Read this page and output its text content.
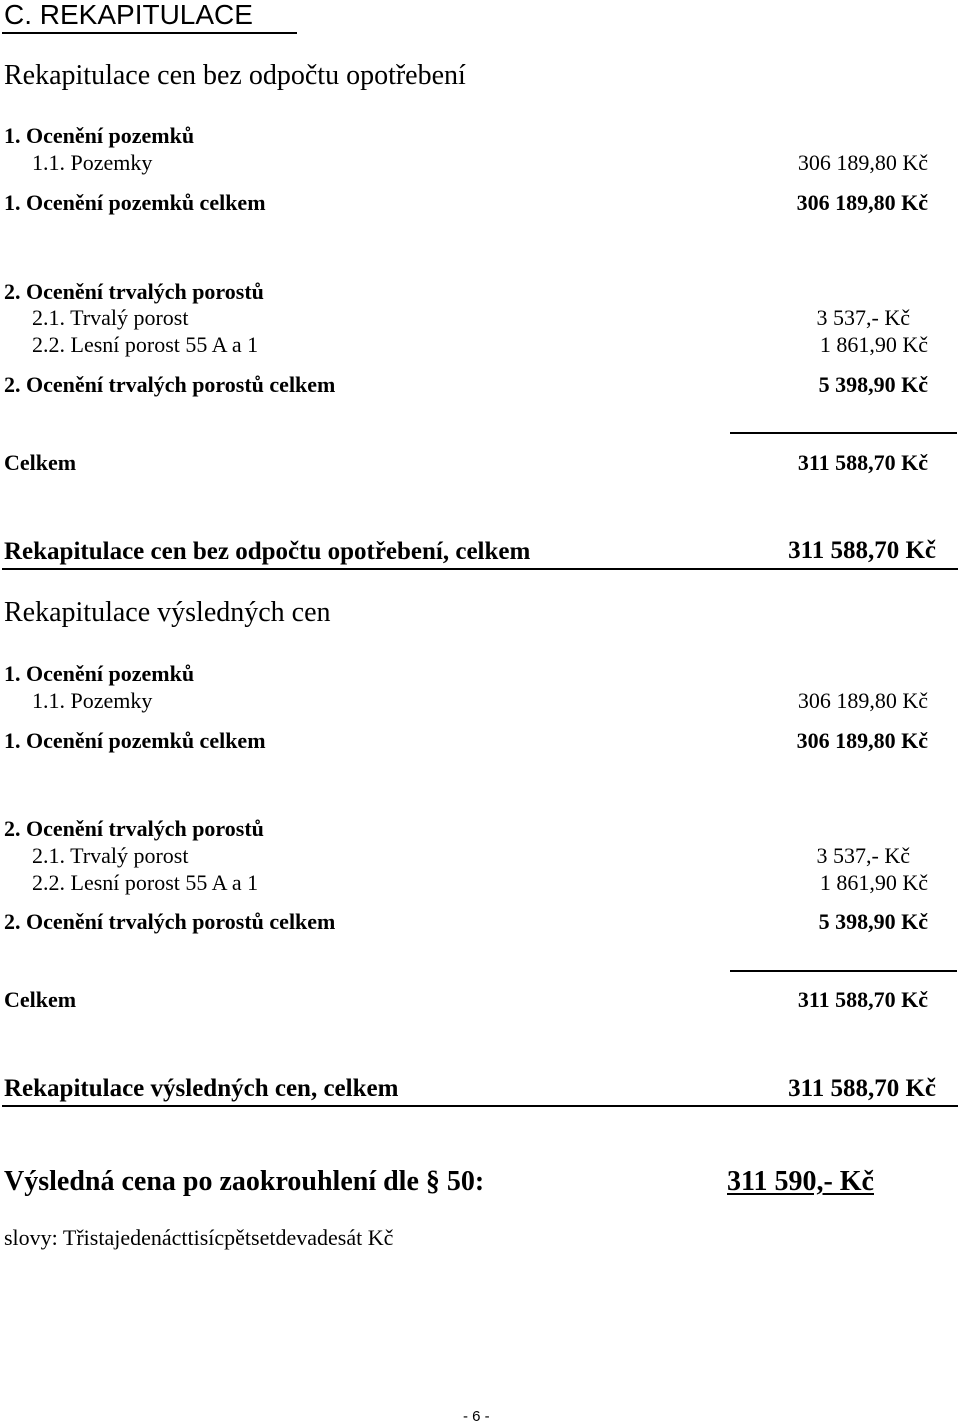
C. REKAPITULACE
Rekapitulace cen bez odpočtu opotřebení
1. Ocenění pozemků
1.1. Pozemky	306 189,80 Kč
1. Ocenění pozemků celkem	306 189,80 Kč
2. Ocenění trvalých porostů
2.1. Trvalý porost	3 537,- Kč
2.2. Lesní porost 55 A a 1	1 861,90 Kč
2. Ocenění trvalých porostů celkem	5 398,90 Kč
Celkem	311 588,70 Kč
Rekapitulace cen bez odpočtu opotřebení, celkem	311 588,70 Kč
Rekapitulace výsledných cen
1. Ocenění pozemků
1.1. Pozemky	306 189,80 Kč
1. Ocenění pozemků celkem	306 189,80 Kč
2. Ocenění trvalých porostů
2.1. Trvalý porost	3 537,- Kč
2.2. Lesní porost 55 A a 1	1 861,90 Kč
2. Ocenění trvalých porostů celkem	5 398,90 Kč
Celkem	311 588,70 Kč
Rekapitulace výsledných cen, celkem	311 588,70 Kč
Výsledná cena po zaokrouhlení dle § 50:	311 590,- Kč
slovy: Třistajedenácttisícpětsetdevadesát Kč
- 6 -
